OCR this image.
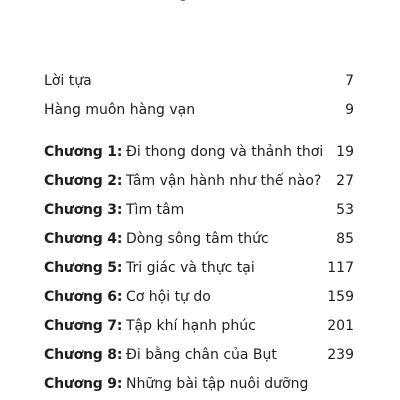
Lời tựa	7
Hàng muôn hàng vạn	9
Chương 1: Đi thong dong và thảnh thơi 19
Chương 2: Tâm vận hành như thế nào?	27
Chương 3: Tìm tâm	53
Chương 4: Dòng sông tâm thức	85
Chương 5: Tri giác và thực tại	117
Chương 6: Cơ hội tự do	159
Chương 7: Tập khí hạnh phúc	201
Chương 8: Đi bằng chân của Bụt	239
Chương 9: Những bài tập nuôi dưỡng
